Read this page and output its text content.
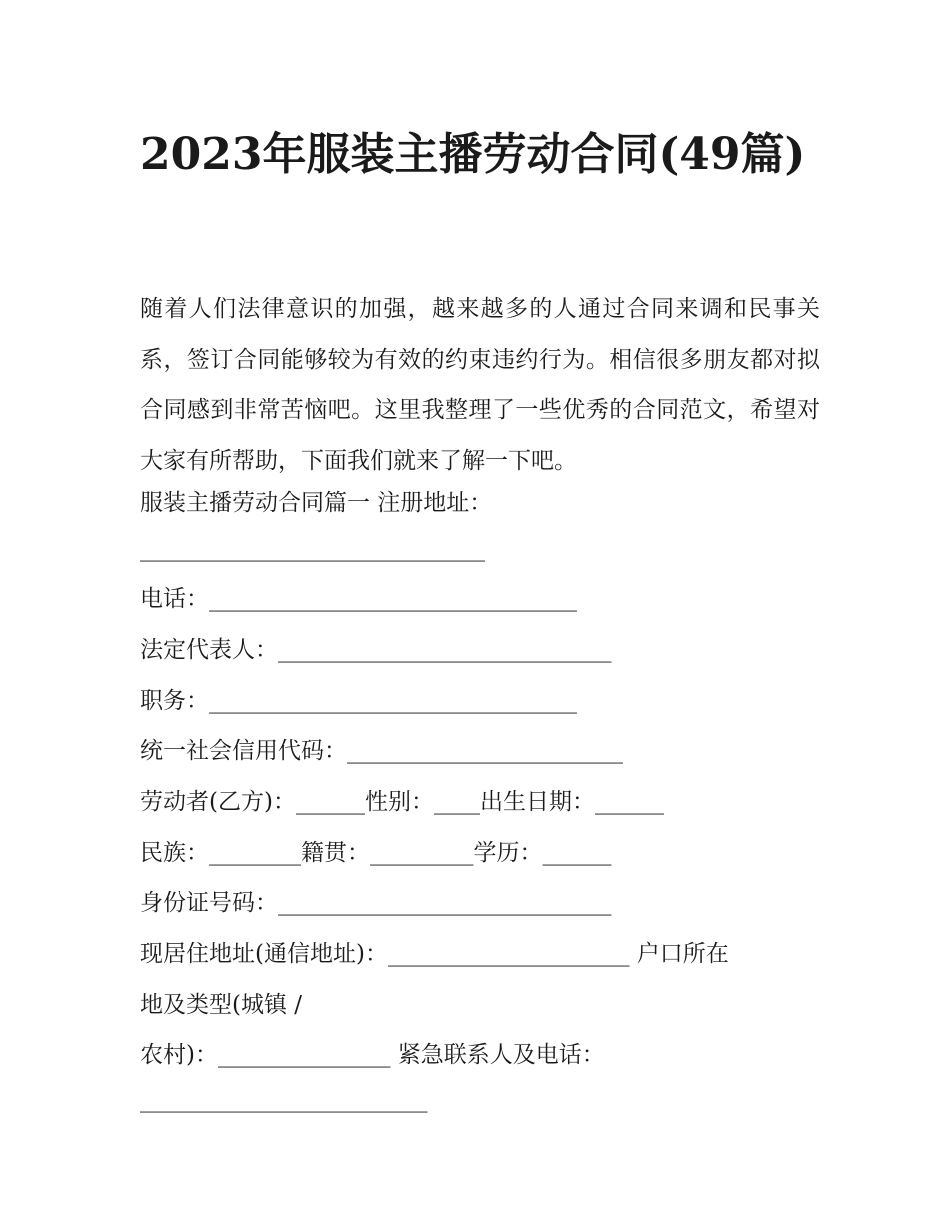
2023年服装主播劳动合同(49篇)

随着人们法律意识的加强，越来越多的人通过合同来调和民事关系，签订合同能够较为有效的约束违约行为。相信很多朋友都对拟合同感到非常苦恼吧。这里我整理了一些优秀的合同范文，希望对大家有所帮助，下面我们就来了解一下吧。

服装主播劳动合同篇一 注册地址：
______________________________
电话：________________________________
法定代表人：_____________________________
职务：________________________________
统一社会信用代码：________________________
劳动者(乙方)：______性别：____出生日期：______
民族：________籍贯：_________学历：______
身份证号码：_____________________________
现居住地址(通信地址)：_____________________ 户口所在
地及类型(城镇 /
农村)：_______________ 紧急联系人及电话：
_________________________
